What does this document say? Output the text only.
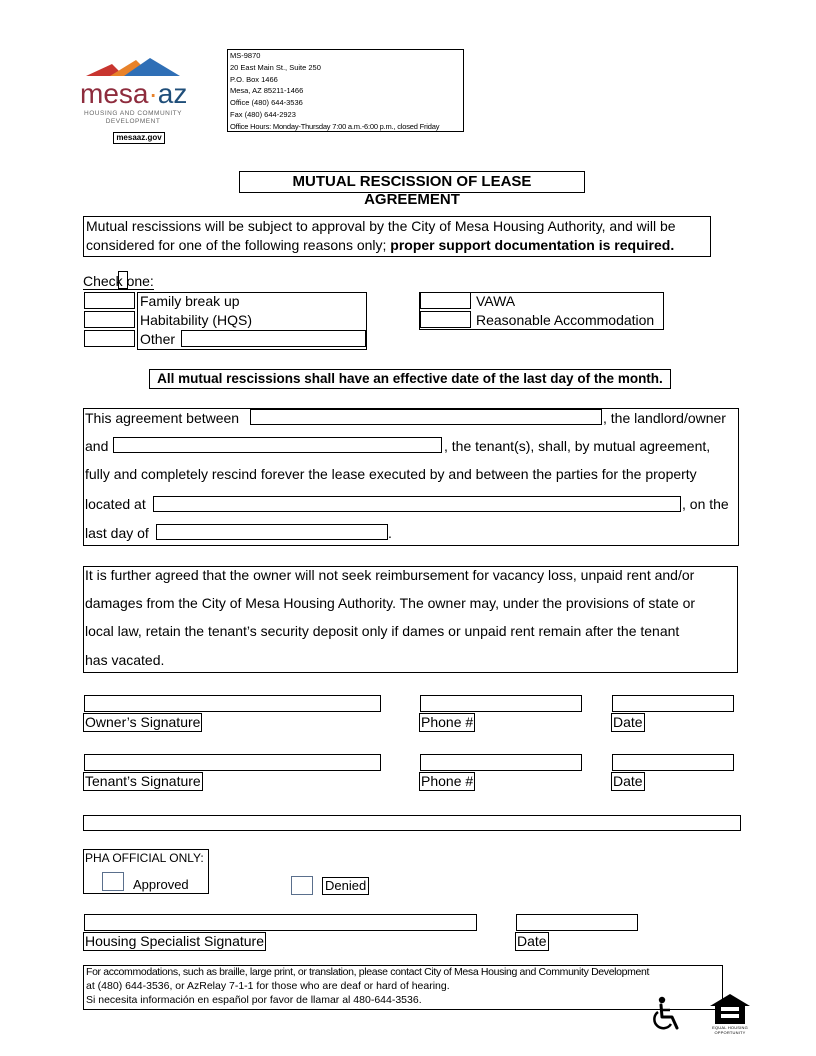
mesa·az
HOUSING AND COMMUNITY
DEVELOPMENT
mesaaz.gov
MS-9870
20 East Main St., Suite 250
P.O. Box 1466
Mesa, AZ 85211-1466
Office (480) 644-3536
Fax (480) 644-2923
Office Hours: Monday-Thursday 7:00 a.m.-6:00 p.m., closed Friday
MUTUAL RESCISSION OF LEASE AGREEMENT
Mutual rescissions will be subject to approval by the City of Mesa Housing Authority, and will be
considered for one of the following reasons only; proper support documentation is required.
Check one:
Family break up
Habitability (HQS)
Other
VAWA
Reasonable Accommodation
All mutual rescissions shall have an effective date of the last day of the month.
This agreement between	, the landlord/owner
and	, the tenant(s), shall, by mutual agreement,
fully and completely rescind forever the lease executed by and between the parties for the property
located at	, on the
last day of	.
It is further agreed that the owner will not seek reimbursement for vacancy loss, unpaid rent and/or
damages from the City of Mesa Housing Authority. The owner may, under the provisions of state or
local law, retain the tenant’s security deposit only if dames or unpaid rent remain after the tenant
has vacated.
Owner’s Signature	Phone #	Date
Tenant’s Signature	Phone #	Date
PHA OFFICIAL ONLY:
Approved	Denied
Housing Specialist Signature	Date
For accommodations, such as braille, large print, or translation, please contact City of Mesa Housing and Community Development
at (480) 644-3536, or AzRelay 7-1-1 for those who are deaf or hard of hearing.
Si necesita información en español por favor de llamar al 480-644-3536.
EQUAL HOUSING
OPPORTUNITY
